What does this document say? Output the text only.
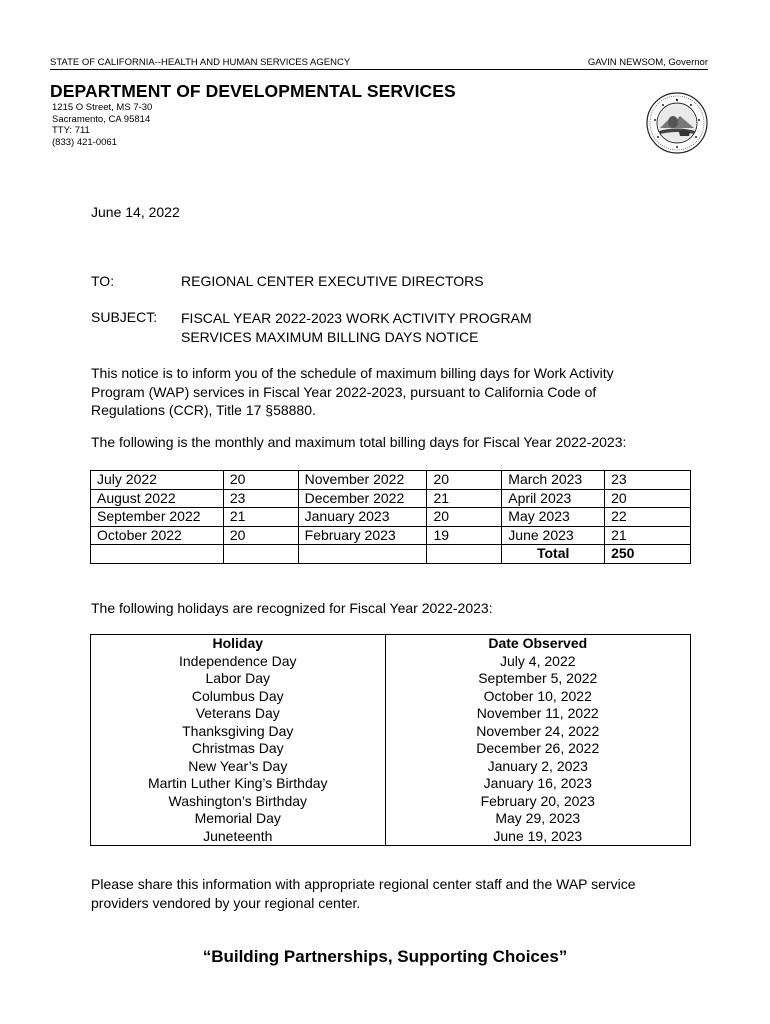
STATE OF CALIFORNIA--HEALTH AND HUMAN SERVICES AGENCY	GAVIN NEWSOM, Governor
DEPARTMENT OF DEVELOPMENTAL SERVICES
1215 O Street, MS 7-30
Sacramento, CA 95814
TTY: 711
(833) 421-0061
June 14, 2022
TO:	REGIONAL CENTER EXECUTIVE DIRECTORS
SUBJECT: FISCAL YEAR 2022-2023 WORK ACTIVITY PROGRAM
SERVICES MAXIMUM BILLING DAYS NOTICE
This notice is to inform you of the schedule of maximum billing days for Work Activity
Program (WAP) services in Fiscal Year 2022-2023, pursuant to California Code of
Regulations (CCR), Title 17 §58880.
The following is the monthly and maximum total billing days for Fiscal Year 2022-2023:
July 2022	20	November 2022	20	March 2023	23
August 2022	23	December 2022	21	April 2023	20
September 2022	21	January 2023	20	May 2023	22
October 2022	20	February 2023	19	June 2023	21
				Total	250
The following holidays are recognized for Fiscal Year 2022-2023:
Holiday	Date Observed
Independence Day	July 4, 2022
Labor Day	September 5, 2022
Columbus Day	October 10, 2022
Veterans Day	November 11, 2022
Thanksgiving Day	November 24, 2022
Christmas Day	December 26, 2022
New Year’s Day	January 2, 2023
Martin Luther King’s Birthday	January 16, 2023
Washington’s Birthday	February 20, 2023
Memorial Day	May 29, 2023
Juneteenth	June 19, 2023
Please share this information with appropriate regional center staff and the WAP service
providers vendored by your regional center.
“Building Partnerships, Supporting Choices”
